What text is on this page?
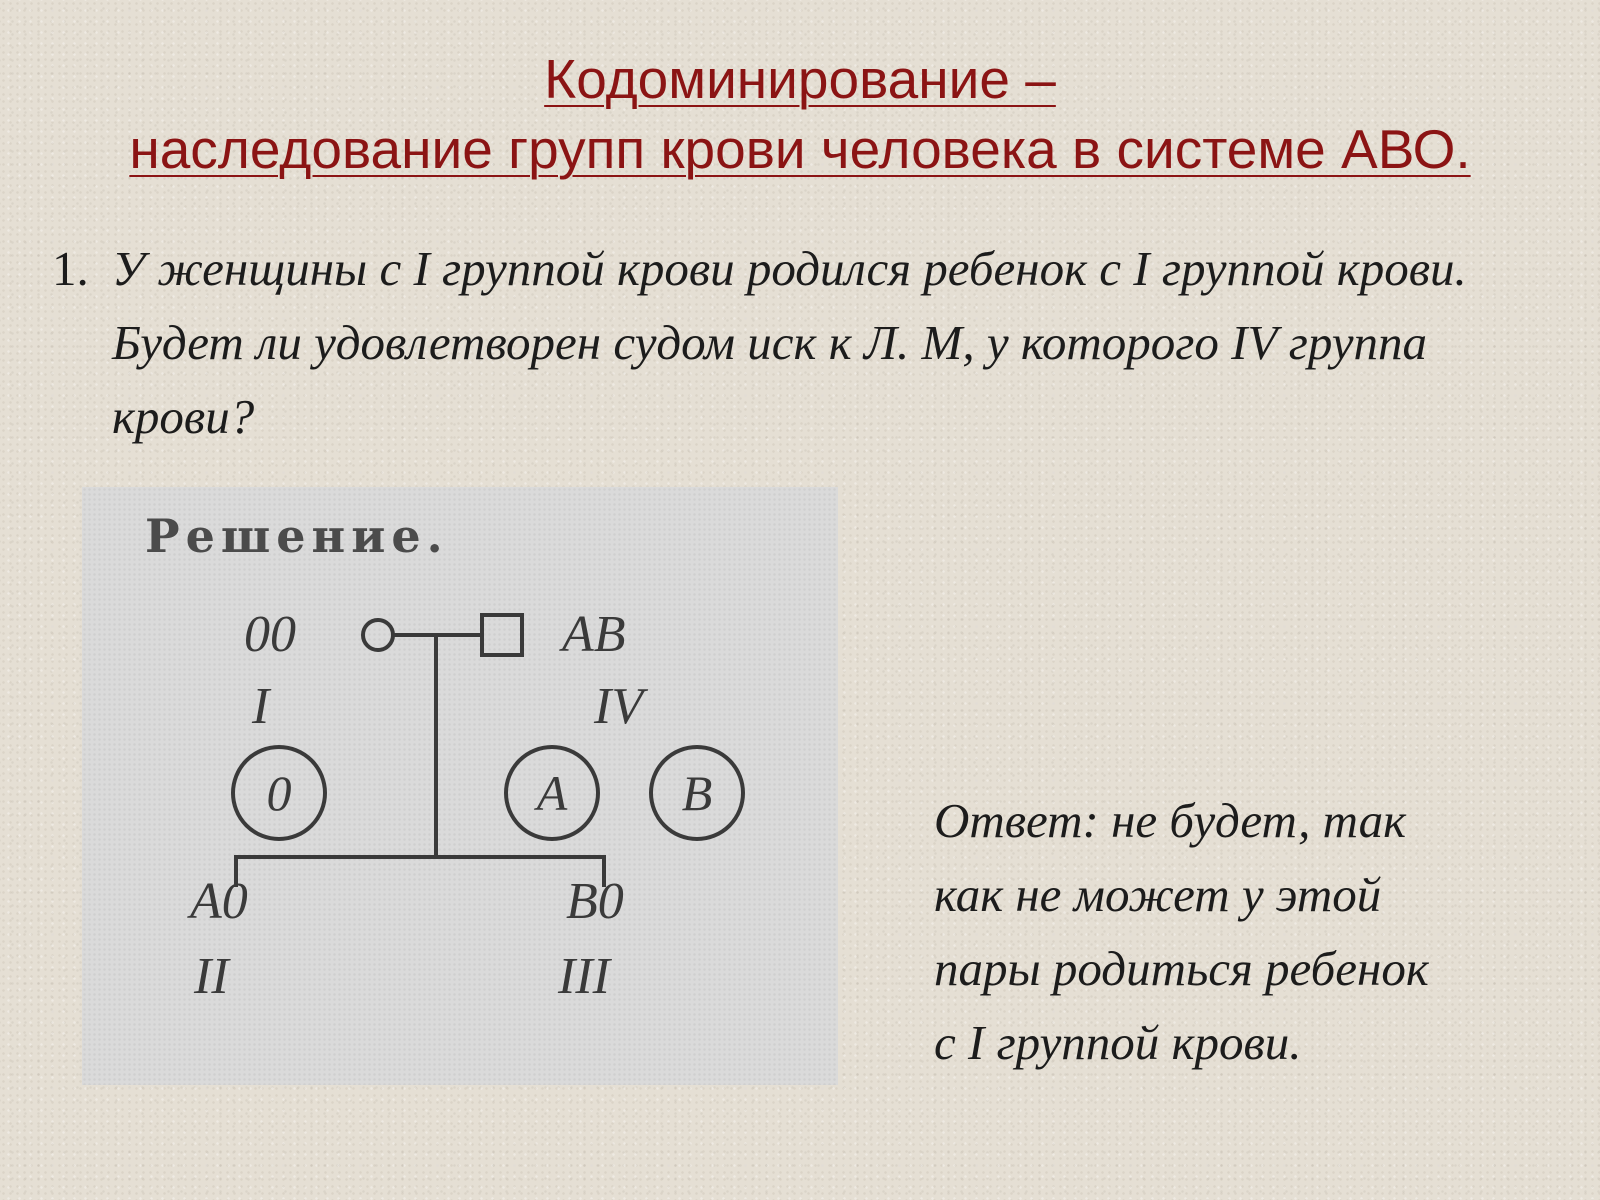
Кодоминирование –
наследование групп крови человека в системе АВО.
1. У женщины с I группой крови родился ребенок с I группой крови. Будет ли удовлетворен судом иск к Л. М, у которого IV группа крови?
Решение.
00
I
AB
IV
0	A	B
A0
II
B0
III
Ответ: не будет, так
как не может у этой
пары родиться ребенок
с I группой крови.
